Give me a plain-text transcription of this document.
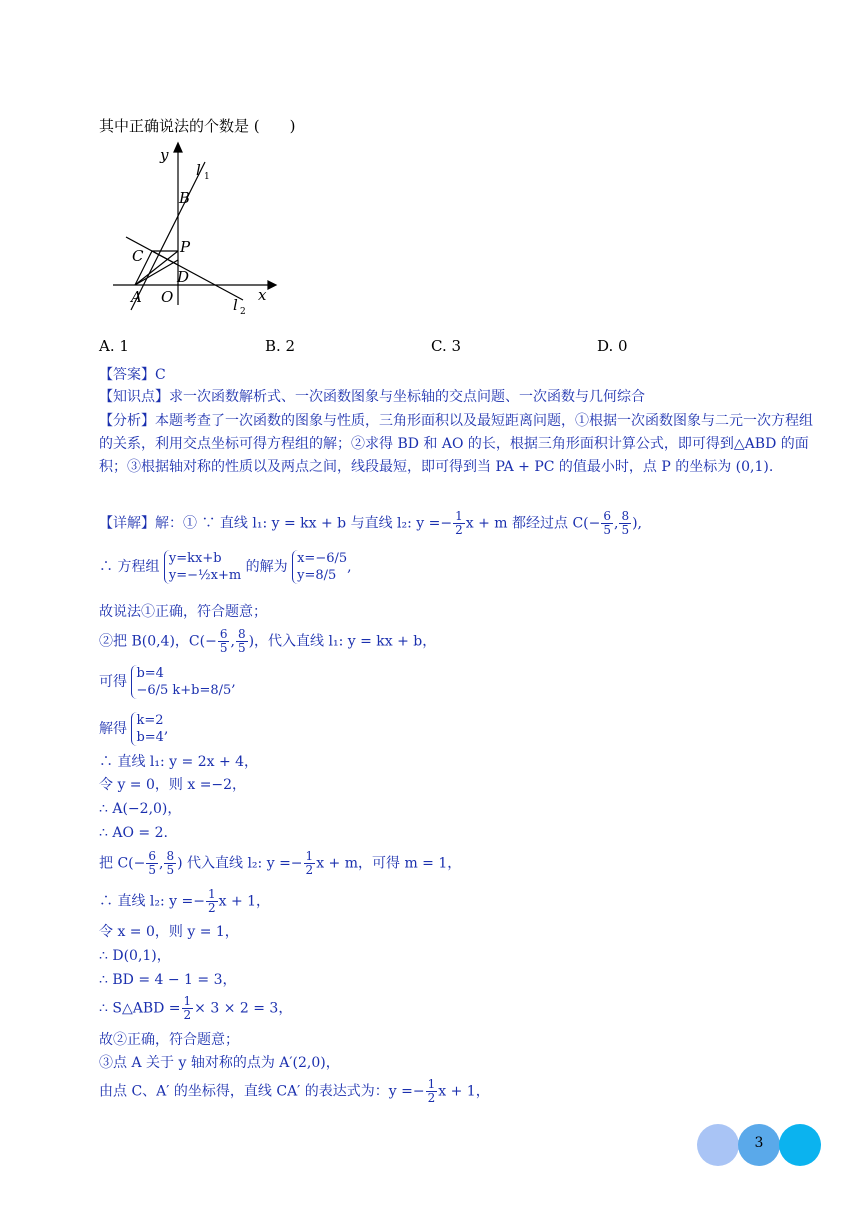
其中正确说法的个数是 (　　)
y
x
l 1
l 2
B
C P
D
A O
A. 1	B. 2	C. 3	D. 0
【答案】C
【知识点】求一次函数解析式、一次函数图象与坐标轴的交点问题、一次函数与几何综合
【分析】本题考查了一次函数的图象与性质，三角形面积以及最短距离问题，①根据一次函数图象与二元一次方程组的关系，利用交点坐标可得方程组的解；②求得 BD 和 AO 的长，根据三角形面积计算公式，即可得到△ABD 的面积；③根据轴对称的性质以及两点之间，线段最短，即可得到当 PA + PC 的值最小时，点 P 的坐标为 (0,1).
【详解】解：① ∵ 直线 l₁: y = kx + b 与直线 l₂: $y =- \frac{1}{2}$ x + m 都经过点 $C(- \frac{6}{5}$ , $\frac{8}{5}$ ),
∴ 方程组
y=kx+b
y=−½x+m
的解为
x=−6/5
y=8/5
,
故说法①正确，符合题意；
②把 B(0,4)，$C(- \frac{6}{5}$ , $\frac{8}{5}$ )，代入直线 l₁: y = kx + b，
可得
b=4
−6/5 k+b=8/5
,
解得
k=2
b=4
,
∴ 直线 l₁: y = 2x + 4，
令 y = 0，则 x =−2，
∴ A(−2,0)，
∴ AO = 2.
把 $C(- \frac{6}{5}$ , $\frac{8}{5}$ ) 代入直线 l₂: $y =- \frac{1}{2}$ x + m，可得 m = 1，
∴ 直线 l₂: $y =- \frac{1}{2}$ x + 1，
令 x = 0，则 y = 1，
∴ D(0,1)，
∴ BD = 4 − 1 = 3，
∴ S△ABD = $\frac{1}{2} \times 3 \times 2 = 3$，
故②正确，符合题意；
③点 A 关于 y 轴对称的点为 A′(2,0)，
由点 C、A′ 的坐标得，直线 CA′ 的表达式为：$y =- \frac{1}{2}$ x + 1，
3
